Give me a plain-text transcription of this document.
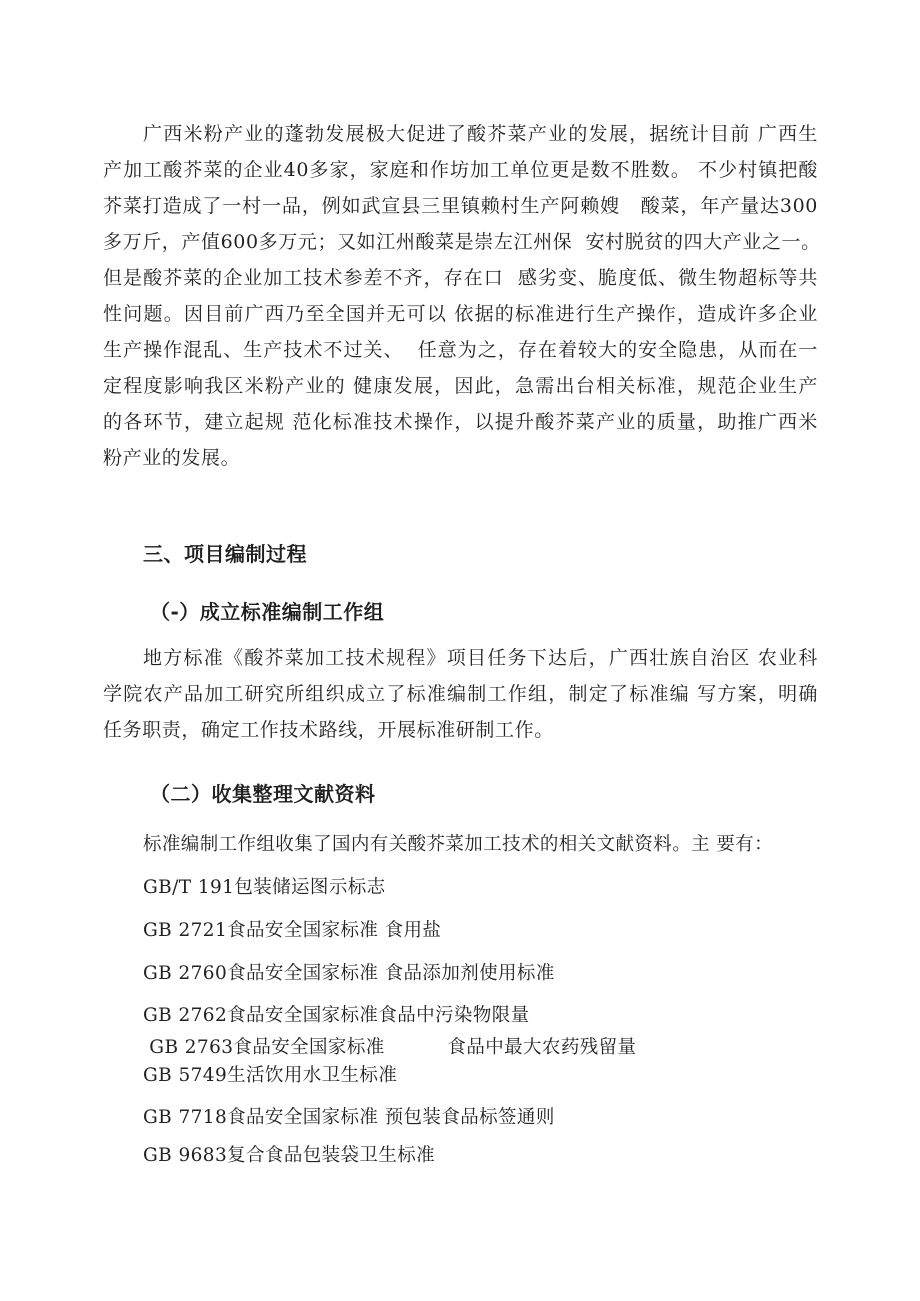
广西米粉产业的蓬勃发展极大促进了酸芥菜产业的发展，据统计目前 广西生
产加工酸芥菜的企业40多家，家庭和作坊加工单位更是数不胜数。 不少村镇把酸
芥菜打造成了一村一品，例如武宣县三里镇赖村生产阿赖嫂   酸菜，年产量达300
多万斤，产值600多万元；又如江州酸菜是崇左江州保  安村脱贫的四大产业之一。
但是酸芥菜的企业加工技术参差不齐，存在口  感劣变、脆度低、微生物超标等共
性问题。因目前广西乃至全国并无可以 依据的标准进行生产操作，造成许多企业
生产操作混乱、生产技术不过关、  任意为之，存在着较大的安全隐患，从而在一
定程度影响我区米粉产业的 健康发展，因此，急需出台相关标准，规范企业生产
的各环节，建立起规 范化标准技术操作，以提升酸芥菜产业的质量，助推广西米
粉产业的发展。
三、项目编制过程
（-）成立标准编制工作组
地方标准《酸芥菜加工技术规程》项目任务下达后，广西壮族自治区 农业科
学院农产品加工研究所组织成立了标准编制工作组，制定了标准编 写方案，明确
任务职责，确定工作技术路线，开展标准研制工作。
（二）收集整理文献资料
标准编制工作组收集了国内有关酸芥菜加工技术的相关文献资料。主 要有：
GB/T 191包装储运图示标志
GB 2721食品安全国家标准 食用盐
GB 2760食品安全国家标准 食品添加剂使用标准
GB 2762食品安全国家标准食品中污染物限量
GB 2763食品安全国家标准          食品中最大农药残留量
GB 5749生活饮用水卫生标准
GB 7718食品安全国家标准 预包装食品标签通则
GB 9683复合食品包装袋卫生标准
